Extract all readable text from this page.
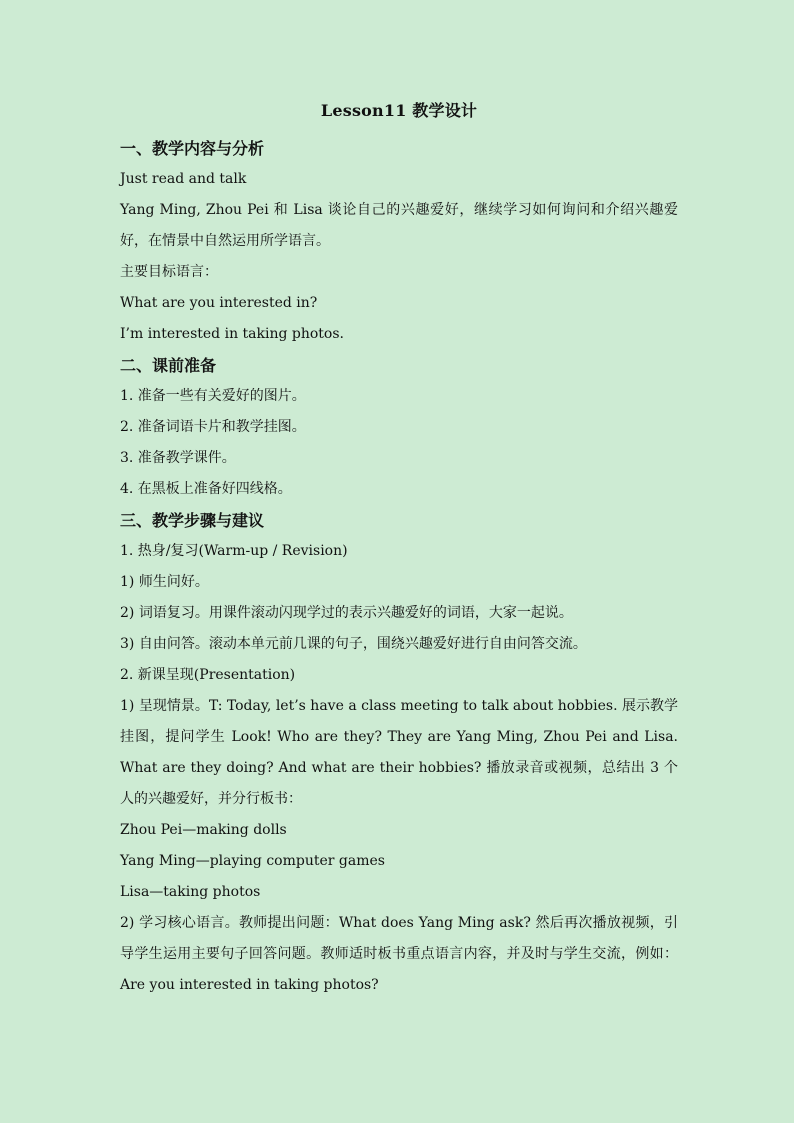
Lesson11 教学设计

一、教学内容与分析

Just read and talk

Yang Ming, Zhou Pei 和 Lisa 谈论自己的兴趣爱好，继续学习如何询问和介绍兴趣爱好，在情景中自然运用所学语言。

主要目标语言：

What are you interested in?

I’m interested in taking photos.

二、课前准备

1. 准备一些有关爱好的图片。

2. 准备词语卡片和教学挂图。

3. 准备教学课件。

4. 在黑板上准备好四线格。

三、教学步骤与建议

1. 热身/复习(Warm-up / Revision)

1) 师生问好。

2) 词语复习。用课件滚动闪现学过的表示兴趣爱好的词语，大家一起说。

3) 自由问答。滚动本单元前几课的句子，围绕兴趣爱好进行自由问答交流。

2. 新课呈现(Presentation)

1) 呈现情景。T: Today, let’s have a class meeting to talk about hobbies. 展示教学挂图，提问学生 Look! Who are they? They are Yang Ming, Zhou Pei and Lisa. What are they doing? And what are their hobbies? 播放录音或视频，总结出 3 个人的兴趣爱好，并分行板书：

Zhou Pei—making dolls

Yang Ming—playing computer games

Lisa—taking photos

2) 学习核心语言。教师提出问题：What does Yang Ming ask? 然后再次播放视频，引导学生运用主要句子回答问题。教师适时板书重点语言内容，并及时与学生交流，例如：Are you interested in taking photos?
